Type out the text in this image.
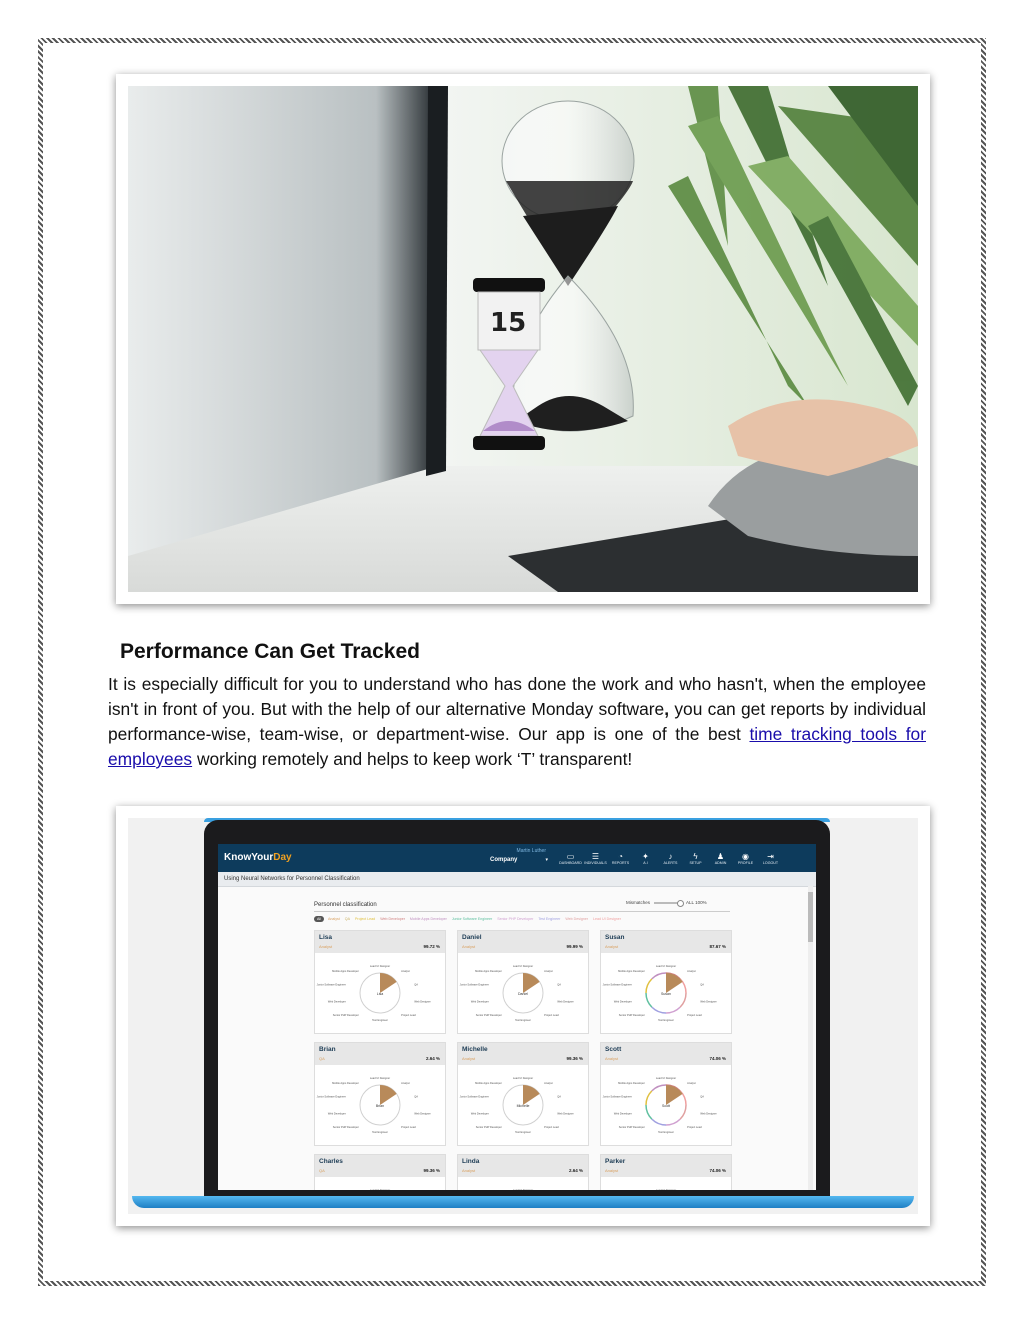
15
Performance Can Get Tracked

It is especially difficult for you to understand who has done the work and who hasn't, when the employee isn't in front of you. But with the help of our alternative Monday software, you can get reports by individual performance-wise, team-wise, or department-wise. Our app is one of the best time tracking tools for employees working remotely and helps to keep work ‘T’ transparent!

KnowYourDay
Martin Luther
Company	▾ ▭
DASHBOARD
☰
INDIVIDUALS
◔
REPORTS
✦
A.I
♪
ALERTS
ϟ
SETUP
♟
ADMIN
◉
PROFILE
⇥
LOGOUT
Using Neural Networks for Personnel Classification
Personnel classification	Mismatches	ALL 100%
All	Analyst QA Project Lead Web Developer Mobile Apps Developer Junior Software Engineer Senior PHP Developer Test Engineer Web Designer Lead UI Designer
Lisa
Analyst	99.72 %
Lisa
Lead UI Designer
Analyst
QA
Web Designer
Project Lead
Test Engineer
Senior PHP Developer
Web Developer
Junior Software Engineer
Mobile Apps Developer
Daniel
Analyst	99.99 %
Daniel
Lead UI Designer
Analyst
QA
Web Designer
Project Lead
Test Engineer
Senior PHP Developer
Web Developer
Junior Software Engineer
Mobile Apps Developer
Susan
Analyst	87.67 %
Susan
Lead UI Designer
Analyst
QA
Web Designer
Project Lead
Test Engineer
Senior PHP Developer
Web Developer
Junior Software Engineer
Mobile Apps Developer
Brian
QA	2.64 %
Brian
Lead UI Designer
Analyst
QA
Web Designer
Project Lead
Test Engineer
Senior PHP Developer
Web Developer
Junior Software Engineer
Mobile Apps Developer
Michelle
Analyst	99.36 %
Michelle
Lead UI Designer
Analyst
QA
Web Designer
Project Lead
Test Engineer
Senior PHP Developer
Web Developer
Junior Software Engineer
Mobile Apps Developer
Scott
Analyst	74.06 %
Scott
Lead UI Designer
Analyst
QA
Web Designer
Project Lead
Test Engineer
Senior PHP Developer
Web Developer
Junior Software Engineer
Mobile Apps Developer
Charles
QA	99.36 %
Charles
QA
Web Designer
Project Lead
Test Engineer
Senior PHP Developer
Web Developer
Junior Software Engineer
Linda
Analyst	2.64 %
Linda
QA
Web Designer
Project Lead
Test Engineer
Senior PHP Developer
Web Developer
Junior Software Engineer
Parker
Analyst	74.06 %
Parker
QA
Web Designer
Project Lead
Test Engineer
Senior PHP Developer
Web Developer
Junior Software Engineer
